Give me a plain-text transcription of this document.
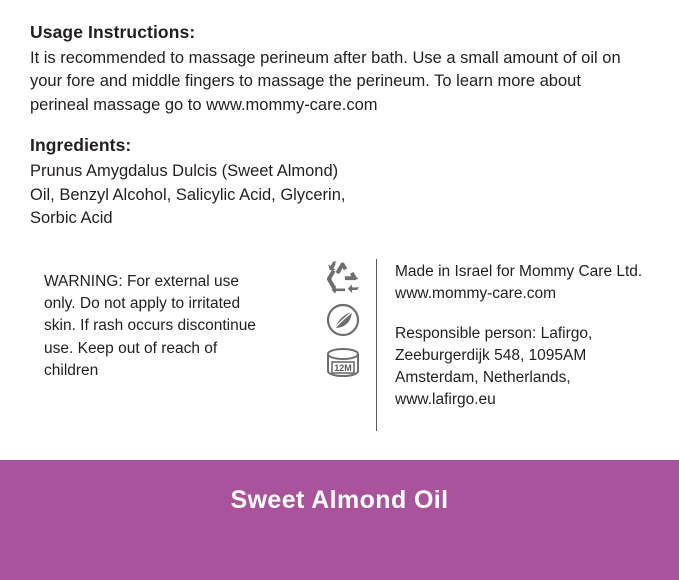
Usage Instructions:

It is recommended to massage perineum after bath. Use a small amount of oil on your fore and middle fingers to massage the perineum. To learn more about perineal massage go to www.mommy-care.com

Ingredients:

Prunus Amygdalus Dulcis (Sweet Almond) Oil, Benzyl Alcohol, Salicylic Acid, Glycerin, Sorbic Acid

WARNING: For external use only. Do not apply to irritated skin. If rash occurs discontinue use. Keep out of reach of children	12M

Made in Israel for Mommy Care Ltd.

www.mommy-care.com

Responsible person: Lafirgo,

Zeeburgerdijk 548, 1095AM

Amsterdam, Netherlands,

www.lafirgo.eu

Sweet Almond Oil
